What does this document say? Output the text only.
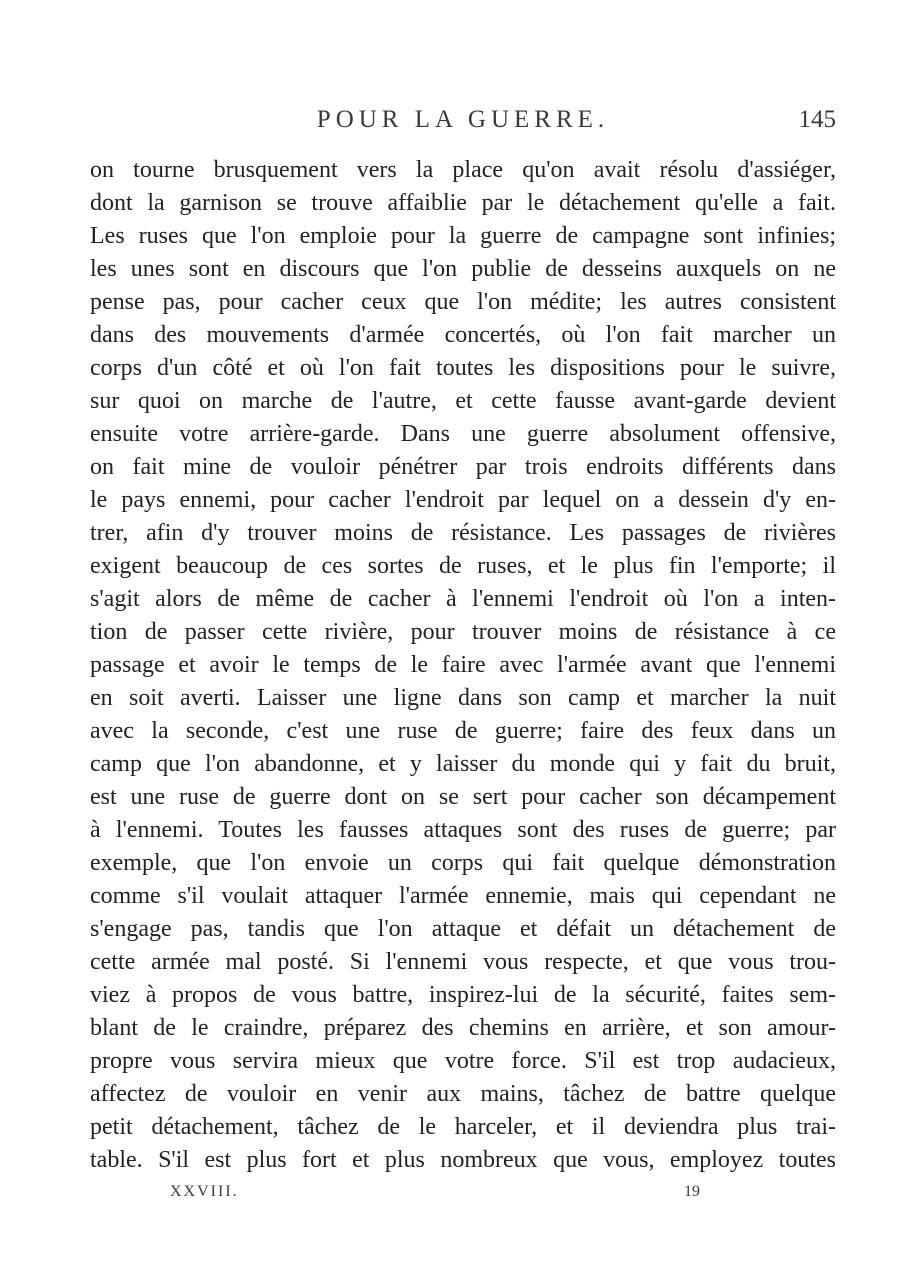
POUR LA GUERRE.	145
on tourne brusquement vers la place qu'on avait résolu d'assiéger,
dont la garnison se trouve affaiblie par le détachement qu'elle a fait.
Les ruses que l'on emploie pour la guerre de campagne sont infinies;
les unes sont en discours que l'on publie de desseins auxquels on ne
pense pas, pour cacher ceux que l'on médite; les autres consistent
dans des mouvements d'armée concertés, où l'on fait marcher un
corps d'un côté et où l'on fait toutes les dispositions pour le suivre,
sur quoi on marche de l'autre, et cette fausse avant-garde devient
ensuite votre arrière-garde. Dans une guerre absolument offensive,
on fait mine de vouloir pénétrer par trois endroits différents dans
le pays ennemi, pour cacher l'endroit par lequel on a dessein d'y en-
trer, afin d'y trouver moins de résistance. Les passages de rivières
exigent beaucoup de ces sortes de ruses, et le plus fin l'emporte; il
s'agit alors de même de cacher à l'ennemi l'endroit où l'on a inten-
tion de passer cette rivière, pour trouver moins de résistance à ce
passage et avoir le temps de le faire avec l'armée avant que l'ennemi
en soit averti. Laisser une ligne dans son camp et marcher la nuit
avec la seconde, c'est une ruse de guerre; faire des feux dans un
camp que l'on abandonne, et y laisser du monde qui y fait du bruit,
est une ruse de guerre dont on se sert pour cacher son décampement
à l'ennemi. Toutes les fausses attaques sont des ruses de guerre; par
exemple, que l'on envoie un corps qui fait quelque démonstration
comme s'il voulait attaquer l'armée ennemie, mais qui cependant ne
s'engage pas, tandis que l'on attaque et défait un détachement de
cette armée mal posté. Si l'ennemi vous respecte, et que vous trou-
viez à propos de vous battre, inspirez-lui de la sécurité, faites sem-
blant de le craindre, préparez des chemins en arrière, et son amour-
propre vous servira mieux que votre force. S'il est trop audacieux,
affectez de vouloir en venir aux mains, tâchez de battre quelque
petit détachement, tâchez de le harceler, et il deviendra plus trai-
table. S'il est plus fort et plus nombreux que vous, employez toutes
XXVIII.	19
